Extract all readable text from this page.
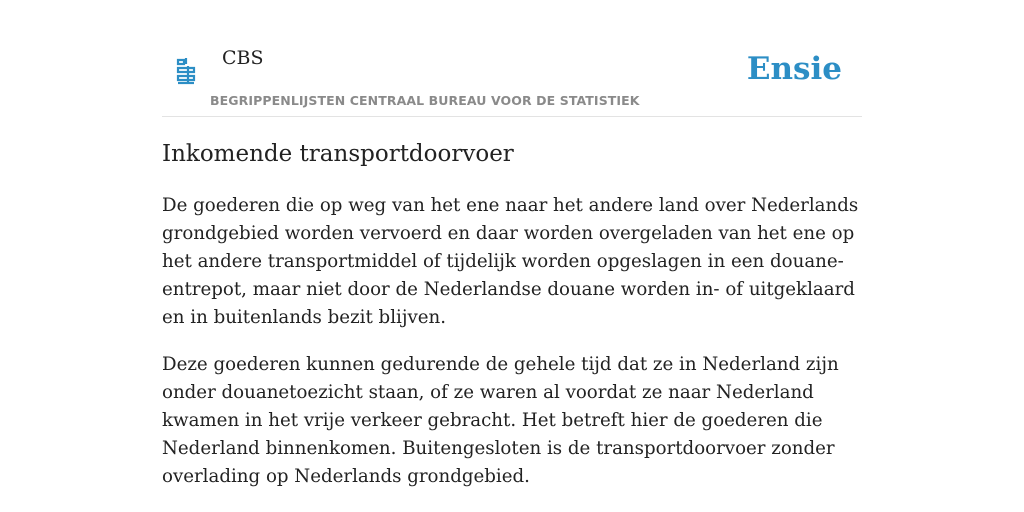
CBS
BEGRIPPENLIJSTEN CENTRAAL BUREAU VOOR DE STATISTIEK
Ensie
Inkomende transportdoorvoer

De goederen die op weg van het ene naar het andere land over Nederlands grondgebied worden vervoerd en daar worden overgeladen van het ene op het andere transportmiddel of tijdelijk worden opgeslagen in een douane-entrepot, maar niet door de Nederlandse douane worden in- of uitgeklaard en in buitenlands bezit blijven.

Deze goederen kunnen gedurende de gehele tijd dat ze in Nederland zijn onder douanetoezicht staan, of ze waren al voordat ze naar Nederland kwamen in het vrije verkeer gebracht. Het betreft hier de goederen die Nederland binnenkomen. Buitengesloten is de transportdoorvoer zonder overlading op Nederlands grondgebied.
